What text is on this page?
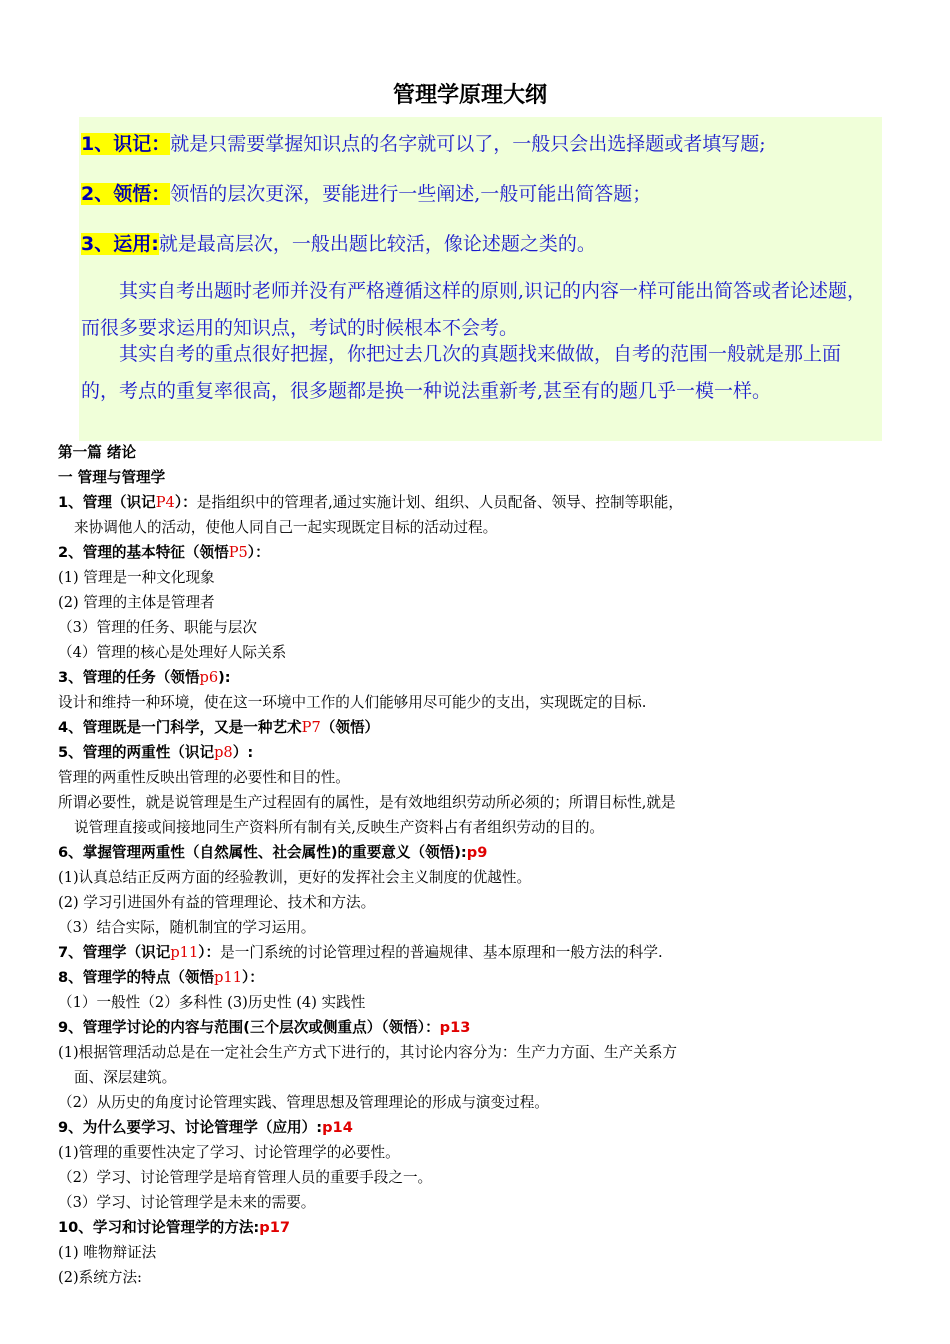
管理学原理大纲
1、识记：就是只需要掌握知识点的名字就可以了，一般只会出选择题或者填写题;
2、领悟：领悟的层次更深，要能进行一些阐述,一般可能出简答题；
3、运用:就是最高层次，一般出题比较活，像论述题之类的。
其实自考出题时老师并没有严格遵循这样的原则,识记的内容一样可能出简答或者论述题，而很多要求运用的知识点，考试的时候根本不会考。
其实自考的重点很好把握，你把过去几次的真题找来做做，自考的范围一般就是那上面的，考点的重复率很高，很多题都是换一种说法重新考,甚至有的题几乎一模一样。
第一篇 绪论
一 管理与管理学
1、管理（识记P4）：是指组织中的管理者,通过实施计划、组织、人员配备、领导、控制等职能，
来协调他人的活动，使他人同自己一起实现既定目标的活动过程。
2、管理的基本特征（领悟P5）：
(1) 管理是一种文化现象
(2) 管理的主体是管理者
（3）管理的任务、职能与层次
（4）管理的核心是处理好人际关系
3、管理的任务（领悟p6):
设计和维持一种环境，使在这一环境中工作的人们能够用尽可能少的支出，实现既定的目标.
4、管理既是一门科学，又是一种艺术P7（领悟）
5、管理的两重性（识记p8）:
管理的两重性反映出管理的必要性和目的性。
所谓必要性，就是说管理是生产过程固有的属性，是有效地组织劳动所必须的；所谓目标性,就是
说管理直接或间接地同生产资料所有制有关,反映生产资料占有者组织劳动的目的。
6、掌握管理两重性（自然属性、社会属性)的重要意义（领悟):p9
(1)认真总结正反两方面的经验教训，更好的发挥社会主义制度的优越性。
(2) 学习引进国外有益的管理理论、技术和方法。
（3）结合实际，随机制宜的学习运用。
7、管理学（识记p11）：是一门系统的讨论管理过程的普遍规律、基本原理和一般方法的科学.
8、管理学的特点（领悟p11）：
（1）一般性（2）多科性 (3)历史性 (4) 实践性
9、管理学讨论的内容与范围(三个层次或侧重点）（领悟）：p13
(1)根据管理活动总是在一定社会生产方式下进行的，其讨论内容分为：生产力方面、生产关系方
面、深层建筑。
（2）从历史的角度讨论管理实践、管理思想及管理理论的形成与演变过程。
9、为什么要学习、讨论管理学（应用）:p14
(1)管理的重要性决定了学习、讨论管理学的必要性。
（2）学习、讨论管理学是培育管理人员的重要手段之一。
（3）学习、讨论管理学是未来的需要。
10、学习和讨论管理学的方法:p17
(1) 唯物辩证法
(2)系统方法:
